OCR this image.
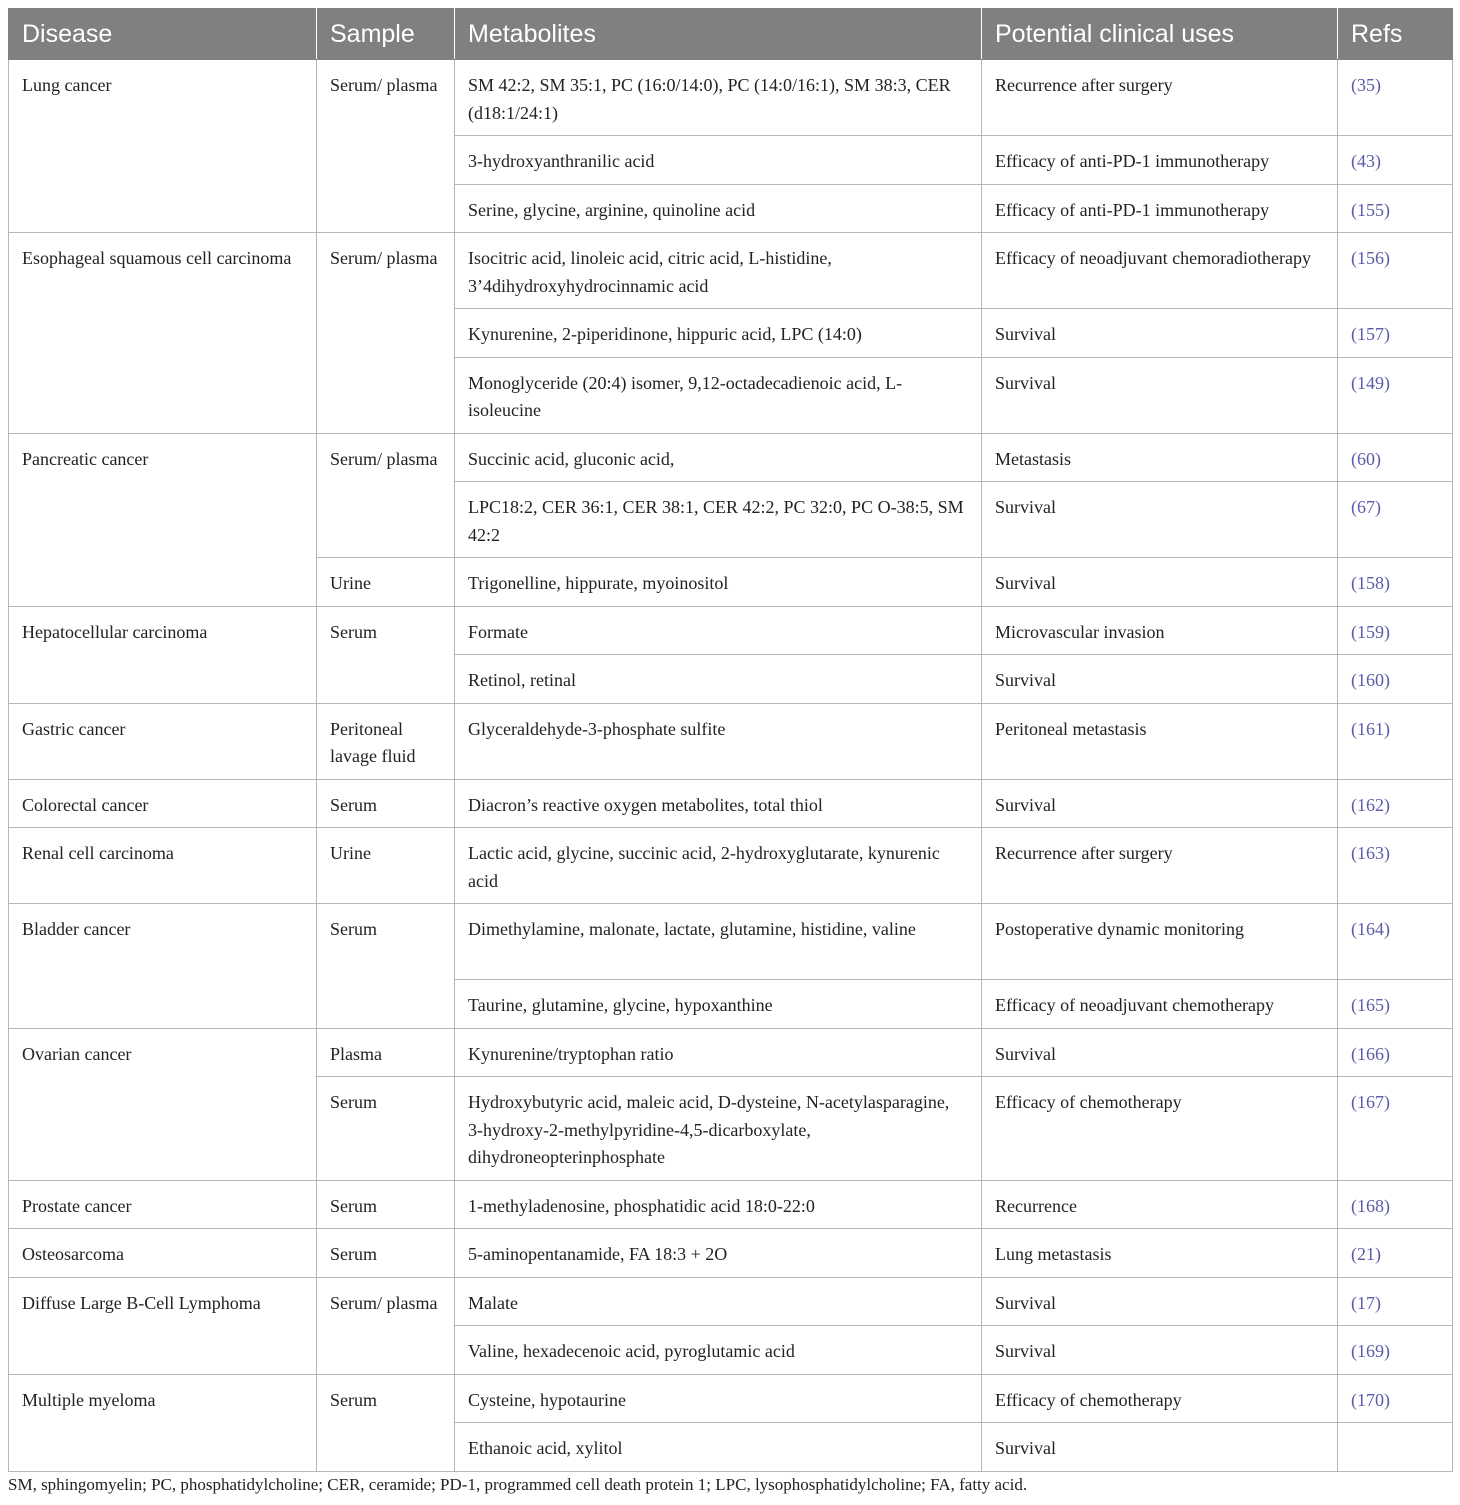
Disease	Sample	Metabolites	Potential clinical uses	Refs
Lung cancer	Serum/ plasma	SM 42:2, SM 35:1, PC (16:0/14:0), PC (14:0/16:1), SM 38:3, CER (d18:1/24:1)	Recurrence after surgery	(35)
		3-hydroxyanthranilic acid	Efficacy of anti-PD-1 immunotherapy	(43)
		Serine, glycine, arginine, quinoline acid	Efficacy of anti-PD-1 immunotherapy	(155)
Esophageal squamous cell carcinoma	Serum/ plasma	Isocitric acid, linoleic acid, citric acid, L-histidine, 3’4dihydroxyhydrocinnamic acid	Efficacy of neoadjuvant chemoradiotherapy	(156)
		Kynurenine, 2-piperidinone, hippuric acid, LPC (14:0)	Survival	(157)
		Monoglyceride (20:4) isomer, 9,12-octadecadienoic acid, L-isoleucine	Survival	(149)
Pancreatic cancer	Serum/ plasma	Succinic acid, gluconic acid,	Metastasis	(60)
		LPC18:2, CER 36:1, CER 38:1, CER 42:2, PC 32:0, PC O-38:5, SM 42:2	Survival	(67)
	Urine	Trigonelline, hippurate, myoinositol	Survival	(158)
Hepatocellular carcinoma	Serum	Formate	Microvascular invasion	(159)
		Retinol, retinal	Survival	(160)
Gastric cancer	Peritoneal lavage fluid	Glyceraldehyde-3-phosphate sulfite	Peritoneal metastasis	(161)
Colorectal cancer	Serum	Diacron’s reactive oxygen metabolites, total thiol	Survival	(162)
Renal cell carcinoma	Urine	Lactic acid, glycine, succinic acid, 2-hydroxyglutarate, kynurenic acid	Recurrence after surgery	(163)
Bladder cancer	Serum	Dimethylamine, malonate, lactate, glutamine, histidine, valine	Postoperative dynamic monitoring	(164)
		Taurine, glutamine, glycine, hypoxanthine	Efficacy of neoadjuvant chemotherapy	(165)
Ovarian cancer	Plasma	Kynurenine/tryptophan ratio	Survival	(166)
	Serum	Hydroxybutyric acid, maleic acid, D-dysteine, N-acetylasparagine, 3-hydroxy-2-methylpyridine-4,5-dicarboxylate, dihydroneopterinphosphate	Efficacy of chemotherapy	(167)
Prostate cancer	Serum	1-methyladenosine, phosphatidic acid 18:0-22:0	Recurrence	(168)
Osteosarcoma	Serum	5-aminopentanamide, FA 18:3 + 2O	Lung metastasis	(21)
Diffuse Large B-Cell Lymphoma	Serum/ plasma	Malate	Survival	(17)
		Valine, hexadecenoic acid, pyroglutamic acid	Survival	(169)
Multiple myeloma	Serum	Cysteine, hypotaurine	Efficacy of chemotherapy	(170)
		Ethanoic acid, xylitol	Survival	
SM, sphingomyelin; PC, phosphatidylcholine; CER, ceramide; PD-1, programmed cell death protein 1; LPC, lysophosphatidylcholine; FA, fatty acid.
